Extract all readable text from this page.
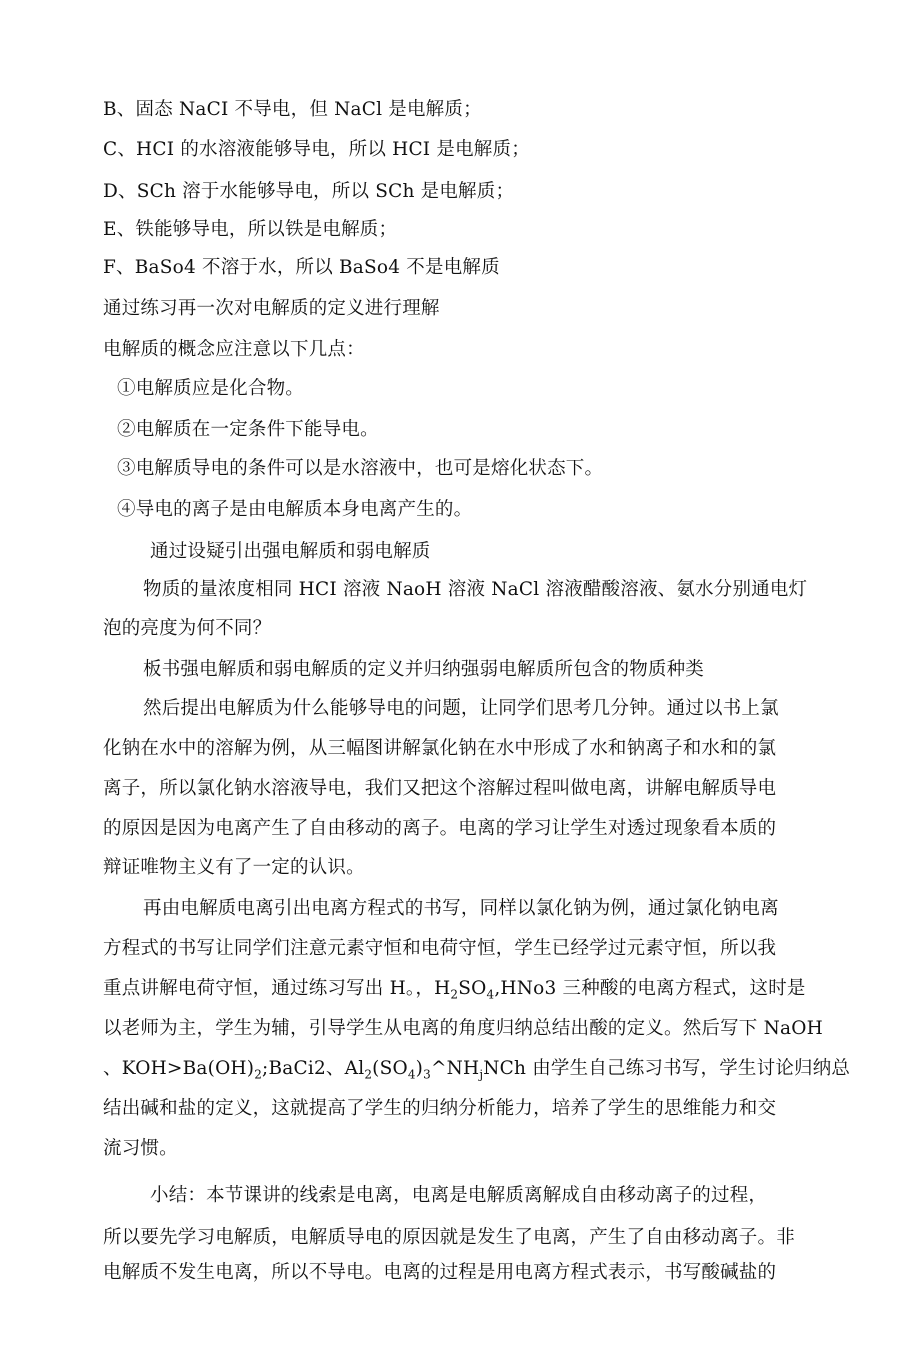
B、固态 NaCI 不导电，但 NaCl 是电解质；
C、HCI 的水溶液能够导电，所以 HCI 是电解质；
D、SCh 溶于水能够导电，所以 SCh 是电解质；
E、铁能够导电，所以铁是电解质；
F、BaSo4 不溶于水，所以 BaSo4 不是电解质
通过练习再一次对电解质的定义进行理解
电解质的概念应注意以下几点：
①电解质应是化合物。
②电解质在一定条件下能导电。
③电解质导电的条件可以是水溶液中，也可是熔化状态下。
④导电的离子是由电解质本身电离产生的。
通过设疑引出强电解质和弱电解质
物质的量浓度相同 HCI 溶液 NaoH 溶液 NaCl 溶液醋酸溶液、氨水分别通电灯
泡的亮度为何不同？
板书强电解质和弱电解质的定义并归纳强弱电解质所包含的物质种类
然后提出电解质为什么能够导电的问题，让同学们思考几分钟。通过以书上氯
化钠在水中的溶解为例，从三幅图讲解氯化钠在水中形成了水和钠离子和水和的氯
离子，所以氯化钠水溶液导电，我们又把这个溶解过程叫做电离，讲解电解质导电
的原因是因为电离产生了自由移动的离子。电离的学习让学生对透过现象看本质的
辩证唯物主义有了一定的认识。
再由电解质电离引出电离方程式的书写，同样以氯化钠为例，通过氯化钠电离
方程式的书写让同学们注意元素守恒和电荷守恒，学生已经学过元素守恒，所以我
重点讲解电荷守恒，通过练习写出 H。，$H_2SO_4,HNo3$ 三种酸的电离方程式，这时是
以老师为主，学生为辅，引导学生从电离的角度归纳总结出酸的定义。然后写下 NaOH
、$KOH>Ba(OH)_2;BaCi2$、$Al_2(SO_4)_3\^{}NH_jNCh$ 由学生自己练习书写，学生讨论归纳总
结出碱和盐的定义，这就提高了学生的归纳分析能力，培养了学生的思维能力和交
流习惯。
小结：本节课讲的线索是电离，电离是电解质离解成自由移动离子的过程，
所以要先学习电解质，电解质导电的原因就是发生了电离，产生了自由移动离子。非
电解质不发生电离，所以不导电。电离的过程是用电离方程式表示，书写酸碱盐的
